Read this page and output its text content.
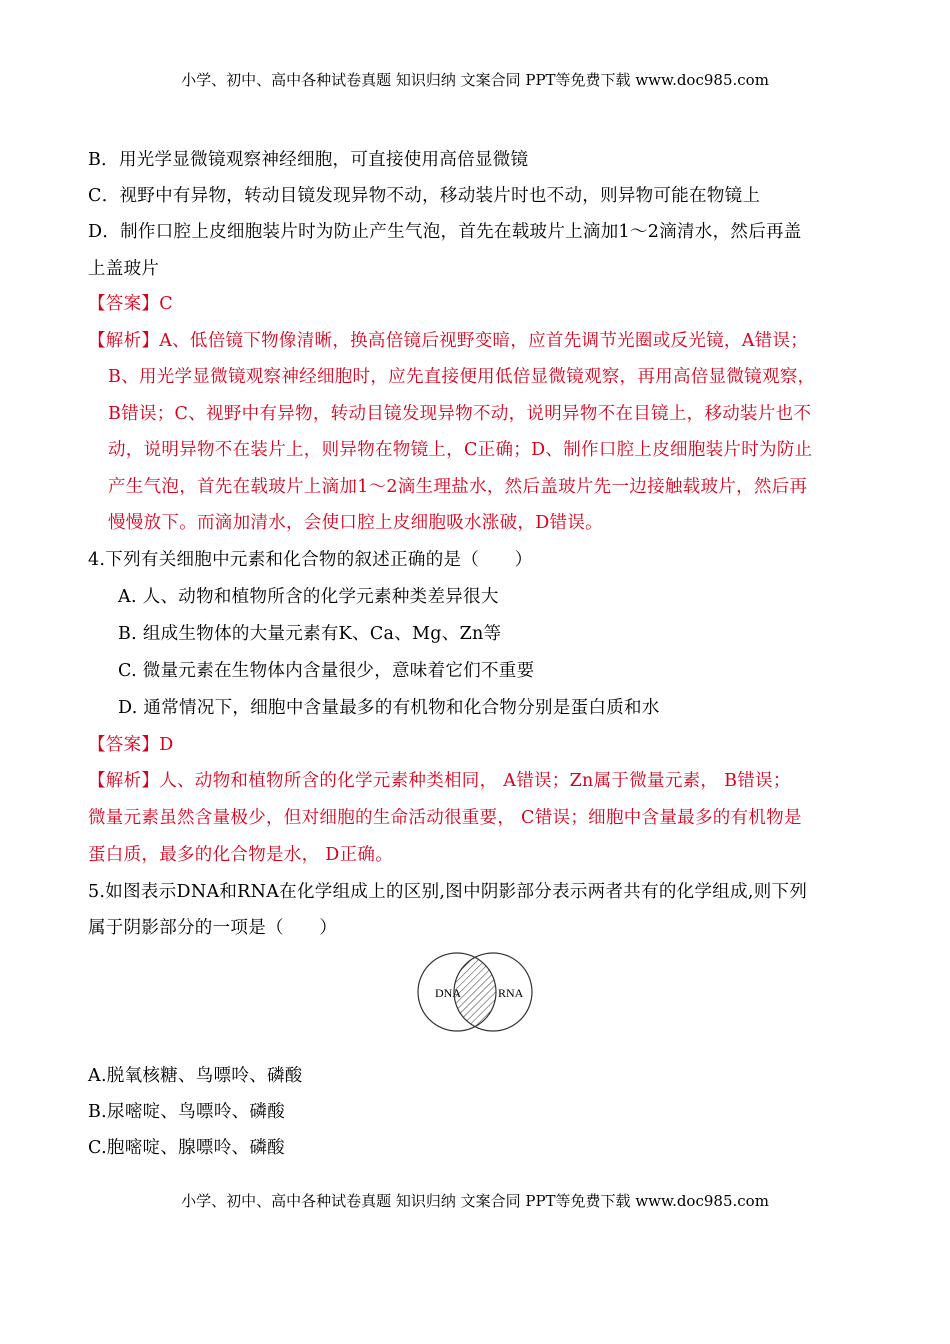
小学、初中、高中各种试卷真题 知识归纳 文案合同 PPT等免费下载 www.doc985.com
B．用光学显微镜观察神经细胞，可直接使用高倍显微镜
C．视野中有异物，转动目镜发现异物不动，移动装片时也不动，则异物可能在物镜上
D．制作口腔上皮细胞装片时为防止产生气泡，首先在载玻片上滴加1～2滴清水，然后再盖
上盖玻片
【答案】C
【解析】A、低倍镜下物像清晰，换高倍镜后视野变暗，应首先调节光圈或反光镜，A错误；
B、用光学显微镜观察神经细胞时，应先直接便用低倍显微镜观察，再用高倍显微镜观察，
B错误；C、视野中有异物，转动目镜发现异物不动，说明异物不在目镜上，移动装片也不
动，说明异物不在装片上，则异物在物镜上，C正确；D、制作口腔上皮细胞装片时为防止
产生气泡，首先在载玻片上滴加1～2滴生理盐水，然后盖玻片先一边接触载玻片，然后再
慢慢放下。而滴加清水，会使口腔上皮细胞吸水涨破，D错误。
4.下列有关细胞中元素和化合物的叙述正确的是（　　）
A. 人、动物和植物所含的化学元素种类差异很大
B. 组成生物体的大量元素有K、Ca、Mg、Zn等
C. 微量元素在生物体内含量很少，意味着它们不重要
D. 通常情况下，细胞中含量最多的有机物和化合物分别是蛋白质和水
【答案】D
【解析】人、动物和植物所含的化学元素种类相同， A错误；Zn属于微量元素， B错误；
微量元素虽然含量极少，但对细胞的生命活动很重要， C错误；细胞中含量最多的有机物是
蛋白质，最多的化合物是水， D正确。
5.如图表示DNA和RNA在化学组成上的区别,图中阴影部分表示两者共有的化学组成,则下列
属于阴影部分的一项是（　　）
DNA	RNA
A.脱氧核糖、鸟嘌呤、磷酸
B.尿嘧啶、鸟嘌呤、磷酸
C.胞嘧啶、腺嘌呤、磷酸
小学、初中、高中各种试卷真题 知识归纳 文案合同 PPT等免费下载 www.doc985.com
